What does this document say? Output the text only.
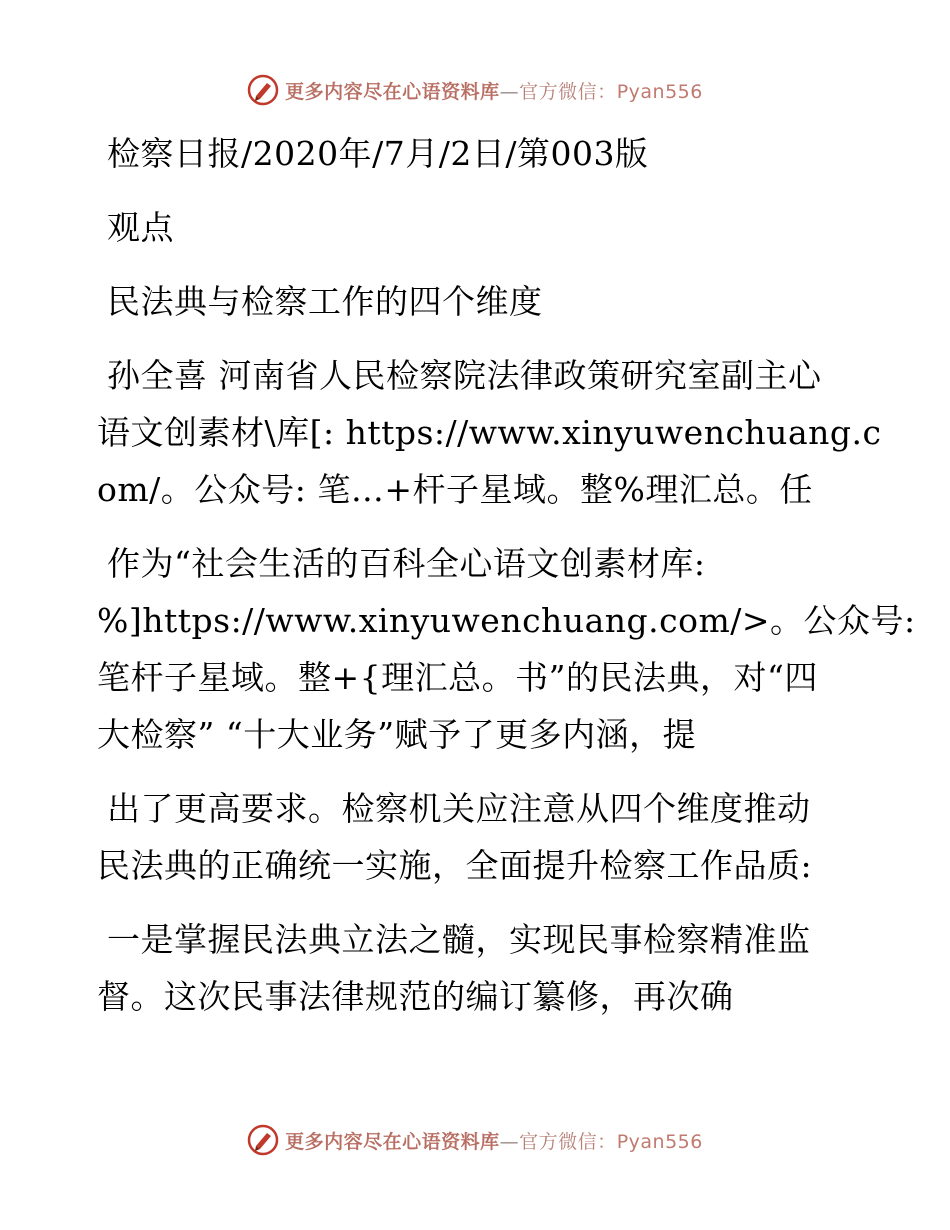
更多内容尽在心语资料库—官方微信：Pyan556

检察日报/2020年/7月/2日/第003版

观点

民法典与检察工作的四个维度

孙全喜 河南省人民检察院法律政策研究室副主心

语文创素材\库[: https://www.xinyuwenchuang.c

om/。公众号: 笔…+杆子星域。整%理汇总。任

作为“社会生活的百科全心语文创素材库:

%]https://www.xinyuwenchuang.com/>。公众号:

笔杆子星域。整+{理汇总。书”的民法典，对“四

大检察” “十大业务”赋予了更多内涵，提

出了更高要求。检察机关应注意从四个维度推动

民法典的正确统一实施，全面提升检察工作品质:

一是掌握民法典立法之髓，实现民事检察精准监

督。这次民事法律规范的编订纂修，再次确

更多内容尽在心语资料库—官方微信：Pyan556
